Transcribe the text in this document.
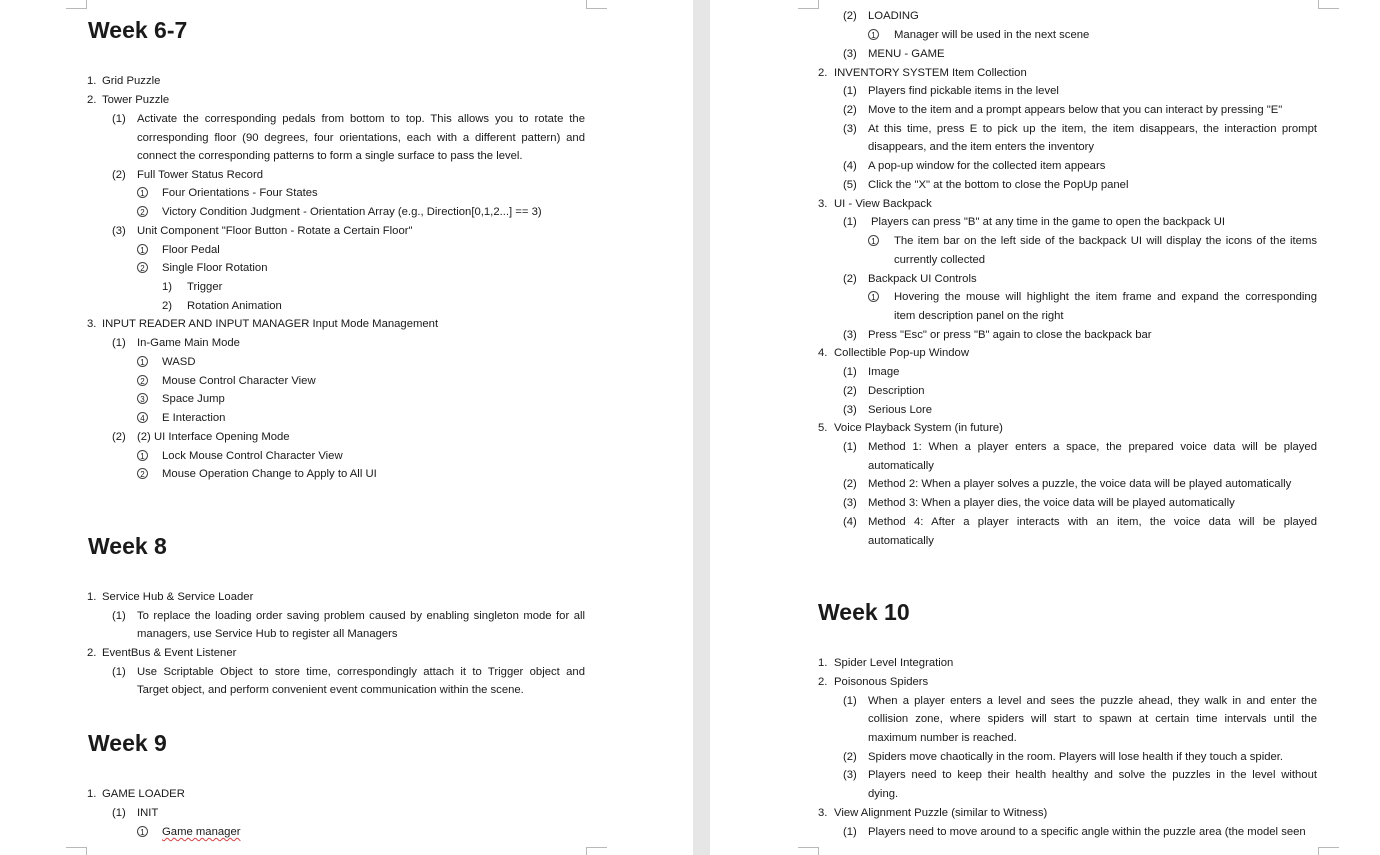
Week 6-7
1. Grid Puzzle
2. Tower Puzzle
(1) Activate the corresponding pedals from bottom to top. This allows you to rotate the
corresponding floor (90 degrees, four orientations, each with a different pattern) and
connect the corresponding patterns to form a single surface to pass the level.
(2) Full Tower Status Record
1 Four Orientations - Four States
2 Victory Condition Judgment - Orientation Array (e.g., Direction[0,1,2...] == 3)
(3) Unit Component "Floor Button - Rotate a Certain Floor"
1 Floor Pedal
2 Single Floor Rotation
1) Trigger
2) Rotation Animation
3. INPUT READER AND INPUT MANAGER Input Mode Management
(1) In-Game Main Mode
1 WASD
2 Mouse Control Character View
3 Space Jump
4 E Interaction
(2) (2) UI Interface Opening Mode
1 Lock Mouse Control Character View
2 Mouse Operation Change to Apply to All UI
Week 8
1. Service Hub & Service Loader
(1) To replace the loading order saving problem caused by enabling singleton mode for all
managers, use Service Hub to register all Managers
2. EventBus & Event Listener
(1) Use Scriptable Object to store time, correspondingly attach it to Trigger object and
Target object, and perform convenient event communication within the scene.
Week 9
1. GAME LOADER
(1) INIT
1 Game manager
(2) LOADING
1 Manager will be used in the next scene
(3) MENU - GAME
2. INVENTORY SYSTEM Item Collection
(1) Players find pickable items in the level
(2) Move to the item and a prompt appears below that you can interact by pressing "E"
(3) At this time, press E to pick up the item, the item disappears, the interaction prompt
disappears, and the item enters the inventory
(4) A pop-up window for the collected item appears
(5) Click the "X" at the bottom to close the PopUp panel
3. UI - View Backpack
(1) Players can press "B" at any time in the game to open the backpack UI
1 The item bar on the left side of the backpack UI will display the icons of the items
currently collected
(2) Backpack UI Controls
1 Hovering the mouse will highlight the item frame and expand the corresponding
item description panel on the right
(3) Press "Esc" or press "B" again to close the backpack bar
4. Collectible Pop-up Window
(1) Image
(2) Description
(3) Serious Lore
5. Voice Playback System (in future)
(1) Method 1: When a player enters a space, the prepared voice data will be played
automatically
(2) Method 2: When a player solves a puzzle, the voice data will be played automatically
(3) Method 3: When a player dies, the voice data will be played automatically
(4) Method 4: After a player interacts with an item, the voice data will be played
automatically
Week 10
1. Spider Level Integration
2. Poisonous Spiders
(1) When a player enters a level and sees the puzzle ahead, they walk in and enter the
collision zone, where spiders will start to spawn at certain time intervals until the
maximum number is reached.
(2) Spiders move chaotically in the room. Players will lose health if they touch a spider.
(3) Players need to keep their health healthy and solve the puzzles in the level without
dying.
3. View Alignment Puzzle (similar to Witness)
(1) Players need to move around to a specific angle within the puzzle area (the model seen
